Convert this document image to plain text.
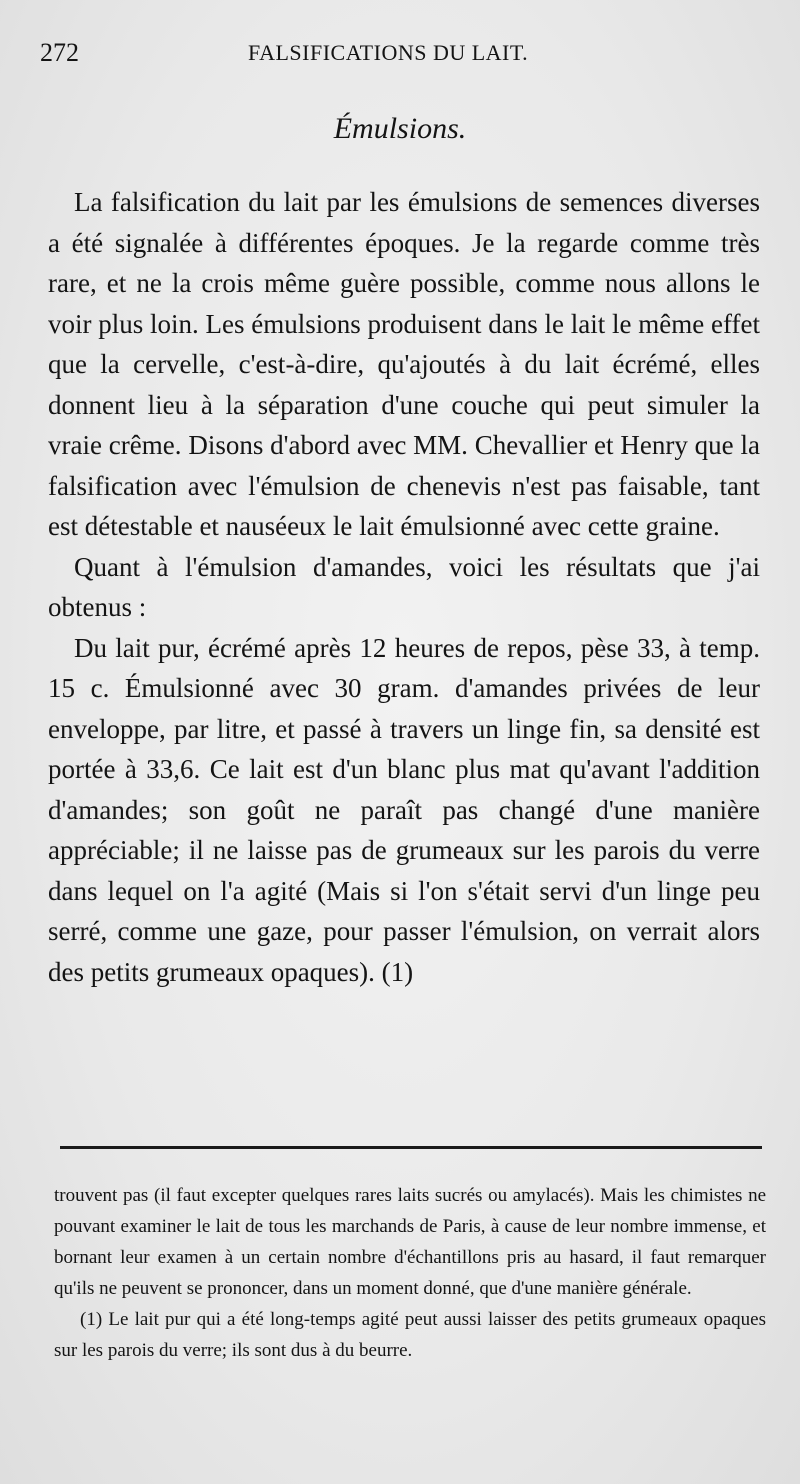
272	FALSIFICATIONS DU LAIT.
Émulsions.

La falsification du lait par les émulsions de semences diverses a été signalée à différentes époques. Je la regarde comme très rare, et ne la crois même guère possible, comme nous allons le voir plus loin. Les émulsions produisent dans le lait le même effet que la cervelle, c'est-à-dire, qu'ajoutés à du lait écrémé, elles donnent lieu à la séparation d'une couche qui peut simuler la vraie crême. Disons d'abord avec MM. Chevallier et Henry que la falsification avec l'émulsion de chenevis n'est pas faisable, tant est détestable et nauséeux le lait émulsionné avec cette graine.

Quant à l'émulsion d'amandes, voici les résultats que j'ai obtenus :

Du lait pur, écrémé après 12 heures de repos, pèse 33, à temp. 15 c. Émulsionné avec 30 gram. d'amandes privées de leur enveloppe, par litre, et passé à travers un linge fin, sa densité est portée à 33,6. Ce lait est d'un blanc plus mat qu'avant l'addition d'amandes; son goût ne paraît pas changé d'une manière appréciable; il ne laisse pas de grumeaux sur les parois du verre dans lequel on l'a agité (Mais si l'on s'était servi d'un linge peu serré, comme une gaze, pour passer l'émulsion, on verrait alors des petits grumeaux opaques). (1)

trouvent pas (il faut excepter quelques rares laits sucrés ou amylacés). Mais les chimistes ne pouvant examiner le lait de tous les marchands de Paris, à cause de leur nombre immense, et bornant leur examen à un certain nombre d'échantillons pris au hasard, il faut remarquer qu'ils ne peuvent se prononcer, dans un moment donné, que d'une manière générale.

(1) Le lait pur qui a été long-temps agité peut aussi laisser des petits grumeaux opaques sur les parois du verre; ils sont dus à du beurre.
